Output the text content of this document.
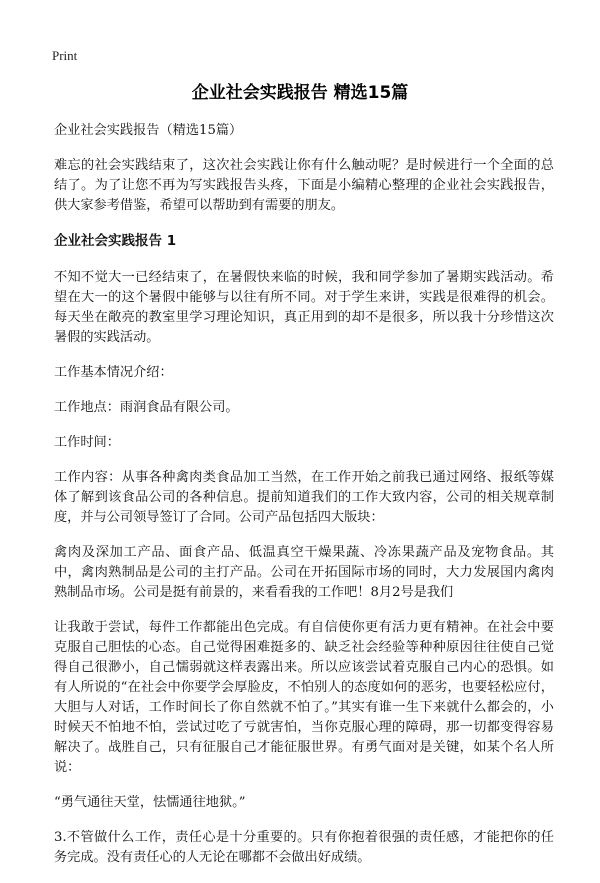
Print
企业社会实践报告 精选15篇

企业社会实践报告（精选15篇）

难忘的社会实践结束了，这次社会实践让你有什么触动呢？是时候进行一个全面的总结了。为了让您不再为写实践报告头疼，下面是小编精心整理的企业社会实践报告，供大家参考借鉴，希望可以帮助到有需要的朋友。

企业社会实践报告 1

不知不觉大一已经结束了，在暑假快来临的时候，我和同学参加了暑期实践活动。希望在大一的这个暑假中能够与以往有所不同。对于学生来讲，实践是很难得的机会。每天坐在敞亮的教室里学习理论知识，真正用到的却不是很多，所以我十分珍惜这次暑假的实践活动。

工作基本情况介绍：

工作地点：雨润食品有限公司。

工作时间：

工作内容：从事各种禽肉类食品加工当然，在工作开始之前我已通过网络、报纸等媒体了解到该食品公司的各种信息。提前知道我们的工作大致内容，公司的相关规章制度，并与公司领导签订了合同。公司产品包括四大版块：

禽肉及深加工产品、面食产品、低温真空干燥果蔬、冷冻果蔬产品及宠物食品。其中，禽肉熟制品是公司的主打产品。公司在开拓国际市场的同时，大力发展国内禽肉熟制品市场。公司是挺有前景的，来看看我的工作吧！8月2号是我们

让我敢于尝试，每件工作都能出色完成。有自信使你更有活力更有精神。在社会中要克服自己胆怯的心态。自己觉得困难挺多的、缺乏社会经验等种种原因往往使自己觉得自己很渺小，自己懦弱就这样表露出来。所以应该尝试着克服自己内心的恐惧。如有人所说的“在社会中你要学会厚脸皮，不怕别人的态度如何的恶劣，也要轻松应付，大胆与人对话，工作时间长了你自然就不怕了。”其实有谁一生下来就什么都会的，小时候天不怕地不怕，尝试过吃了亏就害怕，当你克服心理的障碍，那一切都变得容易解决了。战胜自己，只有征服自己才能征服世界。有勇气面对是关键，如某个名人所说：

“勇气通往天堂，怯懦通往地狱。”

3.不管做什么工作，责任心是十分重要的。只有你抱着很强的责任感，才能把你的任务完成。没有责任心的人无论在哪都不会做出好成绩。
